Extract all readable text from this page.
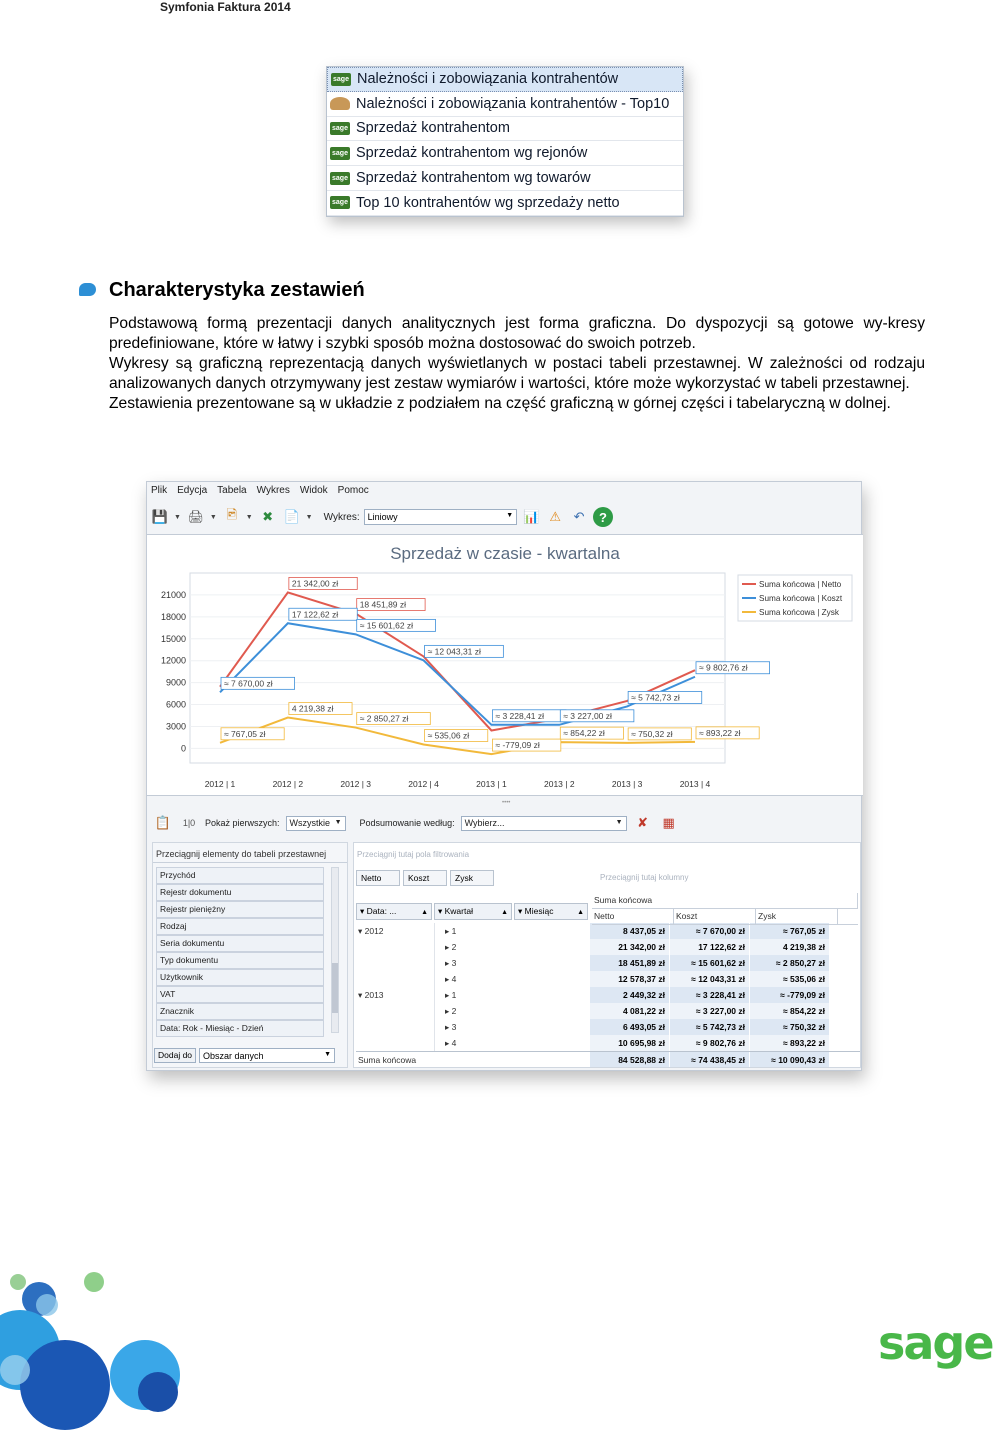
Symfonia Faktura 2014
sage Należności i zobowiązania kontrahentów
Należności i zobowiązania kontrahentów - Top10
sage Sprzedaż kontrahentom
sage Sprzedaż kontrahentom wg rejonów
sage Sprzedaż kontrahentom wg towarów
sage Top 10 kontrahentów wg sprzedaży netto
Charakterystyka zestawień

Podstawową formą prezentacji danych analitycznych jest forma graficzna. Do dyspozycji są gotowe wy-kresy predefiniowane, które w łatwy i szybki sposób można dostosować do swoich potrzeb.

Wykresy są graficzną reprezentacją danych wyświetlanych w postaci tabeli przestawnej. W zależności od rodzaju analizowanych danych otrzymywany jest zestaw wymiarów i wartości, które może wykorzystać w tabeli przestawnej.

Zestawienia prezentowane są w układzie z podziałem na część graficzną w górnej części i tabelaryczną w dolnej.

Plik Edycja Tabela Wykres Widok Pomoc
💾 ▼ 🖨 ▼ 🖻	▼ ✖ 📄 ▼ Wykres: Liniowy	▼ 📊 ⚠ ↶	?
Sprzedaż w czasie - kwartalna
0
3000
6000
9000
12000
15000
18000
21000
2012 | 1	2012 | 2	2012 | 3	2012 | 4	2013 | 1	2013 | 2	2013 | 3	2013 | 4
21 342,00 zł
18 451,89 zł
≈ 7 670,00 zł
17 122,62 zł
≈ 15 601,62 zł
≈ 12 043,31 zł
≈ 3 228,41 zł ≈ 3 227,00 zł
≈ 5 742,73 zł
≈ 9 802,76 zł
≈ 767,05 zł
4 219,38 zł
≈ 2 850,27 zł
≈ 535,06 zł
≈ -779,09 zł
≈ 854,22 zł	≈ 750,32 zł	≈ 893,22 zł
Suma końcowa | Netto
Suma końcowa | Koszt
Suma końcowa | Zysk
••••
📋	1|0	Pokaż pierwszych: Wszystkie ▼ Podsumowanie według: Wybierz...	▼	✘	▦
Przeciągnij elementy do tabeli przestawnej
Przychód
Rejestr dokumentu
Rejestr pieniężny
Rodzaj
Seria dokumentu
Typ dokumentu
Użytkownik
VAT
Znacznik
Data: Rok - Miesiąc - Dzień
Dodaj do	Obszar danych	▼
Przeciągnij tutaj pola filtrowania
Netto	Koszt	Zysk	Przeciągnij tutaj kolumny
▾ Data: ...	▲	▾ Kwartał	▲	▾ Miesiąc	▲
Suma końcowa
Netto	Koszt	Zysk
▾ 2012	▸ 1	8 437,05 zł	≈ 7 670,00 zł	≈ 767,05 zł
▸ 2	21 342,00 zł	17 122,62 zł	4 219,38 zł
▸ 3	18 451,89 zł	≈ 15 601,62 zł	≈ 2 850,27 zł
▸ 4	12 578,37 zł	≈ 12 043,31 zł	≈ 535,06 zł
▾ 2013	▸ 1	2 449,32 zł	≈ 3 228,41 zł	≈ -779,09 zł
▸ 2	4 081,22 zł	≈ 3 227,00 zł	≈ 854,22 zł
▸ 3	6 493,05 zł	≈ 5 742,73 zł	≈ 750,32 zł
▸ 4	10 695,98 zł	≈ 9 802,76 zł	≈ 893,22 zł
Suma końcowa	84 528,88 zł	≈ 74 438,45 zł	≈ 10 090,43 zł
sage
